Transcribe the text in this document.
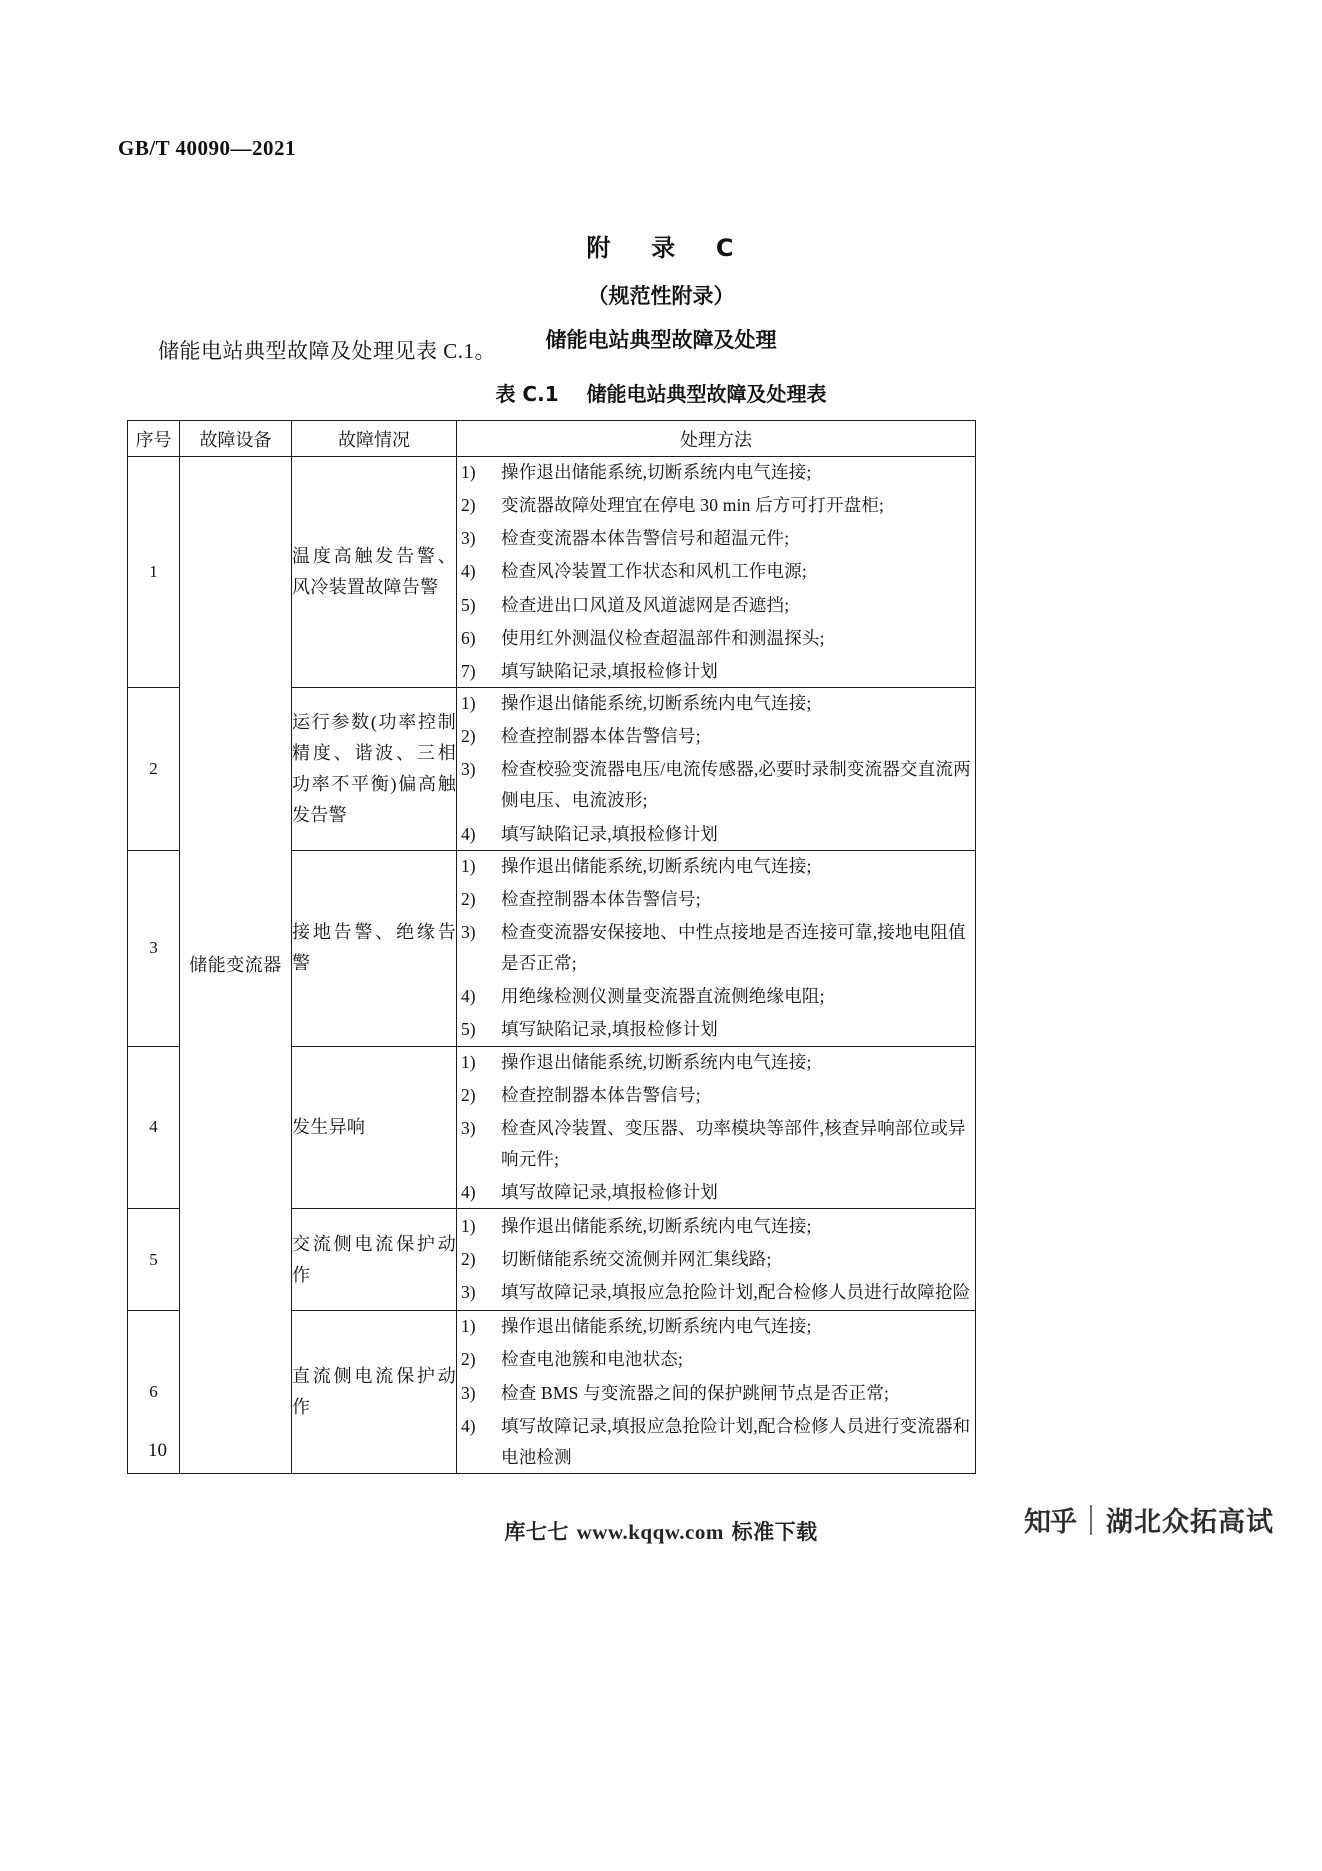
GB/T 40090—2021
附 录 C
（规范性附录）
储能电站典型故障及处理
储能电站典型故障及处理见表 C.1。
表 C.1 储能电站典型故障及处理表
序号	故障设备	故障情况	处理方法
1	储能变流器	温度高触发告警、风冷装置故障告警	
1)	操作退出储能系统,切断系统内电气连接;
2)	变流器故障处理宜在停电 30 min 后方可打开盘柜;
3)	检查变流器本体告警信号和超温元件;
4)	检查风冷装置工作状态和风机工作电源;
5)	检查进出口风道及风道滤网是否遮挡;
6)	使用红外测温仪检查超温部件和测温探头;
7)	填写缺陷记录,填报检修计划

2	运行参数(功率控制精度、谐波、三相功率不平衡)偏高触发告警	
1)	操作退出储能系统,切断系统内电气连接;
2)	检查控制器本体告警信号;
3)	检查校验变流器电压/电流传感器,必要时录制变流器交直流两侧电压、电流波形;
4)	填写缺陷记录,填报检修计划

3	接地告警、绝缘告警	
1)	操作退出储能系统,切断系统内电气连接;
2)	检查控制器本体告警信号;
3)	检查变流器安保接地、中性点接地是否连接可靠,接地电阻值是否正常;
4)	用绝缘检测仪测量变流器直流侧绝缘电阻;
5)	填写缺陷记录,填报检修计划

4	发生异响	
1)	操作退出储能系统,切断系统内电气连接;
2)	检查控制器本体告警信号;
3)	检查风冷装置、变压器、功率模块等部件,核查异响部位或异响元件;
4)	填写故障记录,填报检修计划

5	交流侧电流保护动作	
1)	操作退出储能系统,切断系统内电气连接;
2)	切断储能系统交流侧并网汇集线路;
3)	填写故障记录,填报应急抢险计划,配合检修人员进行故障抢险

6	直流侧电流保护动作	
1)	操作退出储能系统,切断系统内电气连接;
2)	检查电池簇和电池状态;
3)	检查 BMS 与变流器之间的保护跳闸节点是否正常;
4)	填写故障记录,填报应急抢险计划,配合检修人员进行变流器和电池检测
10
库七七 www.kqqw.com 标准下载	知乎 湖北众拓高试
